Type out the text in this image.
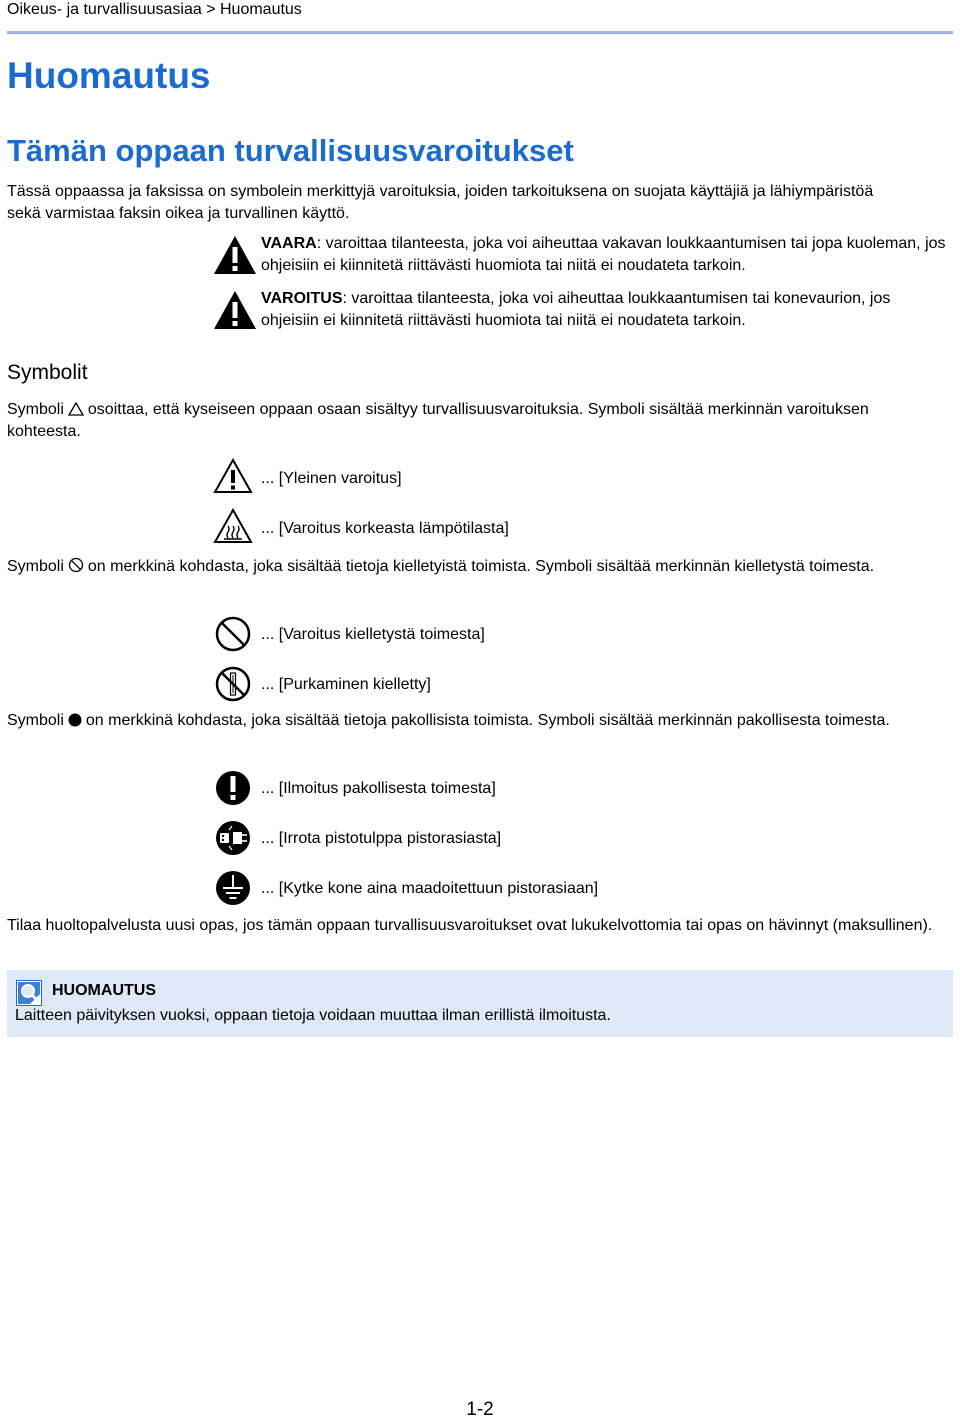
Oikeus- ja turvallisuusasiaa > Huomautus
Huomautus
Tämän oppaan turvallisuusvaroitukset

Tässä oppaassa ja faksissa on symbolein merkittyjä varoituksia, joiden tarkoituksena on suojata käyttäjiä ja lähiympäristöä sekä varmistaa faksin oikea ja turvallinen käyttö.

VAARA: varoittaa tilanteesta, joka voi aiheuttaa vakavan loukkaantumisen tai jopa kuoleman, jos ohjeisiin ei kiinnitetä riittävästi huomiota tai niitä ei noudateta tarkoin.

VAROITUS: varoittaa tilanteesta, joka voi aiheuttaa loukkaantumisen tai konevaurion, jos ohjeisiin ei kiinnitetä riittävästi huomiota tai niitä ei noudateta tarkoin.

Symbolit

Symboli osoittaa, että kyseiseen oppaan osaan sisältyy turvallisuusvaroituksia. Symboli sisältää merkinnän varoituksen kohteesta.

... [Yleinen varoitus]
... [Varoitus korkeasta lämpötilasta]

Symboli on merkkinä kohdasta, joka sisältää tietoja kielletyistä toimista. Symboli sisältää merkinnän kielletystä toimesta.

... [Varoitus kielletystä toimesta]
... [Purkaminen kielletty]

Symboli on merkkinä kohdasta, joka sisältää tietoja pakollisista toimista. Symboli sisältää merkinnän pakollisesta toimesta.

... [Ilmoitus pakollisesta toimesta]
... [Irrota pistotulppa pistorasiasta]
... [Kytke kone aina maadoitettuun pistorasiaan]

Tilaa huoltopalvelusta uusi opas, jos tämän oppaan turvallisuusvaroitukset ovat lukukelvottomia tai opas on hävinnyt (maksullinen).

HUOMAUTUS
Laitteen päivityksen vuoksi, oppaan tietoja voidaan muuttaa ilman erillistä ilmoitusta.
1-2
